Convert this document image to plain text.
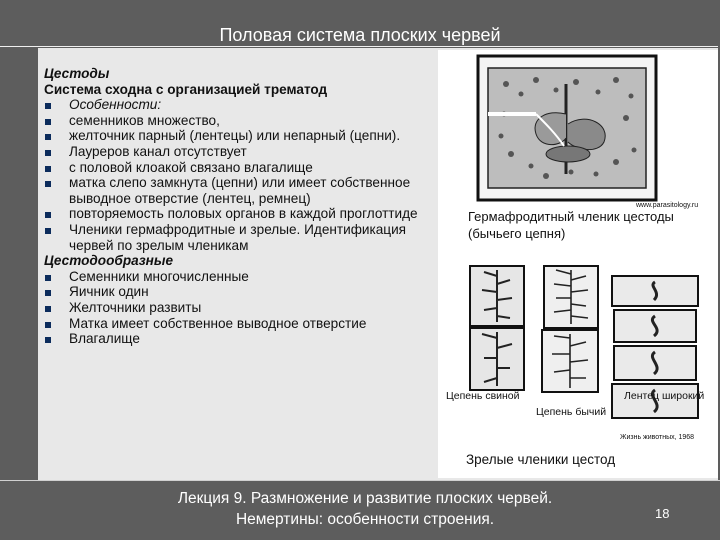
Половая система плоских червей
Цестоды
Система сходна с организацией трематод
Особенности:
семенников множество,
желточник парный (лентецы) или непарный (цепни).
Лауреров канал отсутствует
с половой клоакой связано влагалище
матка слепо замкнута (цепни) или имеет собственное выводное отверстие (лентец, ремнец)
повторяемость половых органов в каждой проглоттиде
Членики гермафродитные и зрелые. Идентификация червей по зрелым членикам
Цестодообразные
Семенники многочисленные
Яичник один
Желточники развиты
Матка имеет собственное выводное отверстие
Влагалище
www.parasitology.ru
Гермафродитный членик цестоды (бычьего цепня)
Цепень свиной	Лентец широкий
Цепень бычий
Жизнь животных, 1968
Зрелые членики цестод
Лекция 9. Размножение и развитие плоских червей.
Немертины: особенности строения.	18
